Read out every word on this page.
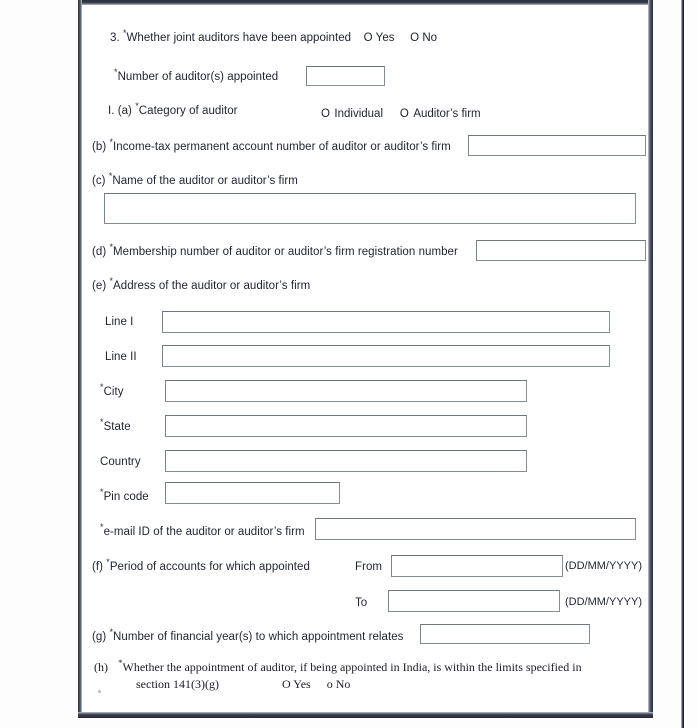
3. *Whether joint auditors have been appointed O Yes O No
*Number of auditor(s) appointed
I. (a) *Category of auditor	O Individual O Auditor’s firm
(b) *Income-tax permanent account number of auditor or auditor’s firm
(c) *Name of the auditor or auditor’s firm
(d) *Membership number of auditor or auditor’s firm registration number
(e) *Address of the auditor or auditor’s firm
Line I
Line II
*City
*State
Country
*Pin code
*e-mail ID of the auditor or auditor’s firm
(f) *Period of accounts for which appointed	From	(DD/MM/YYYY)
To	(DD/MM/YYYY)
(g) *Number of financial year(s) to which appointment relates
(h) *Whether the appointment of auditor, if being appointed in India, is within the limits specified in
section 141(3)(g)	O Yes o No
